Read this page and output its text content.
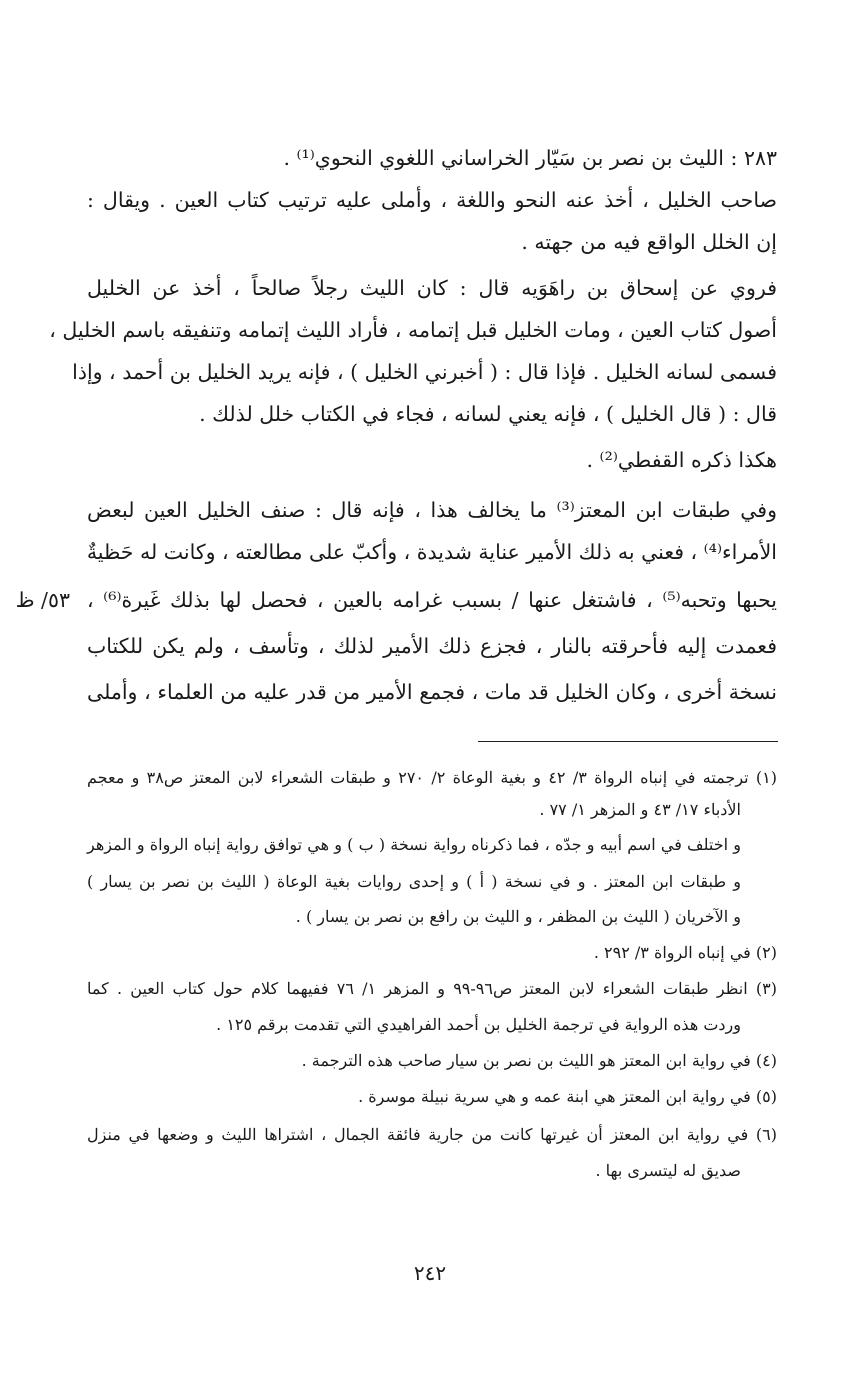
٢٨٣ : الليث بن نصر بن سَيّار الخراساني اللغوي النحوي⁽¹⁾ .
صاحب الخليل ، أخذ عنه النحو واللغة ، وأملى عليه ترتيب كتاب العين . ويقال :
إن الخلل الواقع فيه من جهته .
فروي عن إسحاق بن راهَوَيه قال : كان الليث رجلاً صالحاً ، أخذ عن الخليل
أصول كتاب العين ، ومات الخليل قبل إتمامه ، فأراد الليث إتمامه وتنفيقه باسم الخليل ،
فسمى لسانه الخليل . فإذا قال : ( أخبرني الخليل ) ، فإنه يريد الخليل بن أحمد ، وإذا
قال : ( قال الخليل ) ، فإنه يعني لسانه ، فجاء في الكتاب خلل لذلك .
هكذا ذكره القفطي⁽²⁾ .
وفي طبقات ابن المعتز⁽³⁾ ما يخالف هذا ، فإنه قال : صنف الخليل العين لبعض
الأمراء⁽⁴⁾ ، فعني به ذلك الأمير عناية شديدة ، وأكبّ على مطالعته ، وكانت له حَظيةٌ
يحبها وتحبه⁽⁵⁾ ، فاشتغل عنها / بسبب غرامه بالعين ، فحصل لها بذلك غَيرة⁽⁶⁾ ،
٥٣/ ظ
فعمدت إليه فأحرقته بالنار ، فجزع ذلك الأمير لذلك ، وتأسف ، ولم يكن للكتاب
نسخة أخرى ، وكان الخليل قد مات ، فجمع الأمير من قدر عليه من العلماء ، وأملى
(١) ترجمته في إنباه الرواة ٣/ ٤٢ و بغية الوعاة ٢/ ٢٧٠ و طبقات الشعراء لابن المعتز ص٣٨ و معجم
الأدباء ١٧/ ٤٣ و المزهر ١/ ٧٧ .
و اختلف في اسم أبيه و جدّه ، فما ذكرناه رواية نسخة ( ب ) و هي توافق رواية إنباه الرواة و المزهر
و طبقات ابن المعتز . و في نسخة ( أ ) و إحدى روايات بغية الوعاة ( الليث بن نصر بن يسار )
و الآخريان ( الليث بن المظفر ، و الليث بن رافع بن نصر بن يسار ) .
(٢) في إنباه الرواة ٣/ ٢٩٢ .
(٣) انظر طبقات الشعراء لابن المعتز ص٩٦-٩٩ و المزهر ١/ ٧٦ ففيهما كلام حول كتاب العين . كما
وردت هذه الرواية في ترجمة الخليل بن أحمد الفراهيدي التي تقدمت برقم ١٢٥ .
(٤) في رواية ابن المعتز هو الليث بن نصر بن سيار صاحب هذه الترجمة .
(٥) في رواية ابن المعتز هي ابنة عمه و هي سرية نبيلة موسرة .
(٦) في رواية ابن المعتز أن غيرتها كانت من جارية فائقة الجمال ، اشتراها الليث و وضعها في منزل
صديق له ليتسرى بها .
٢٤٢
